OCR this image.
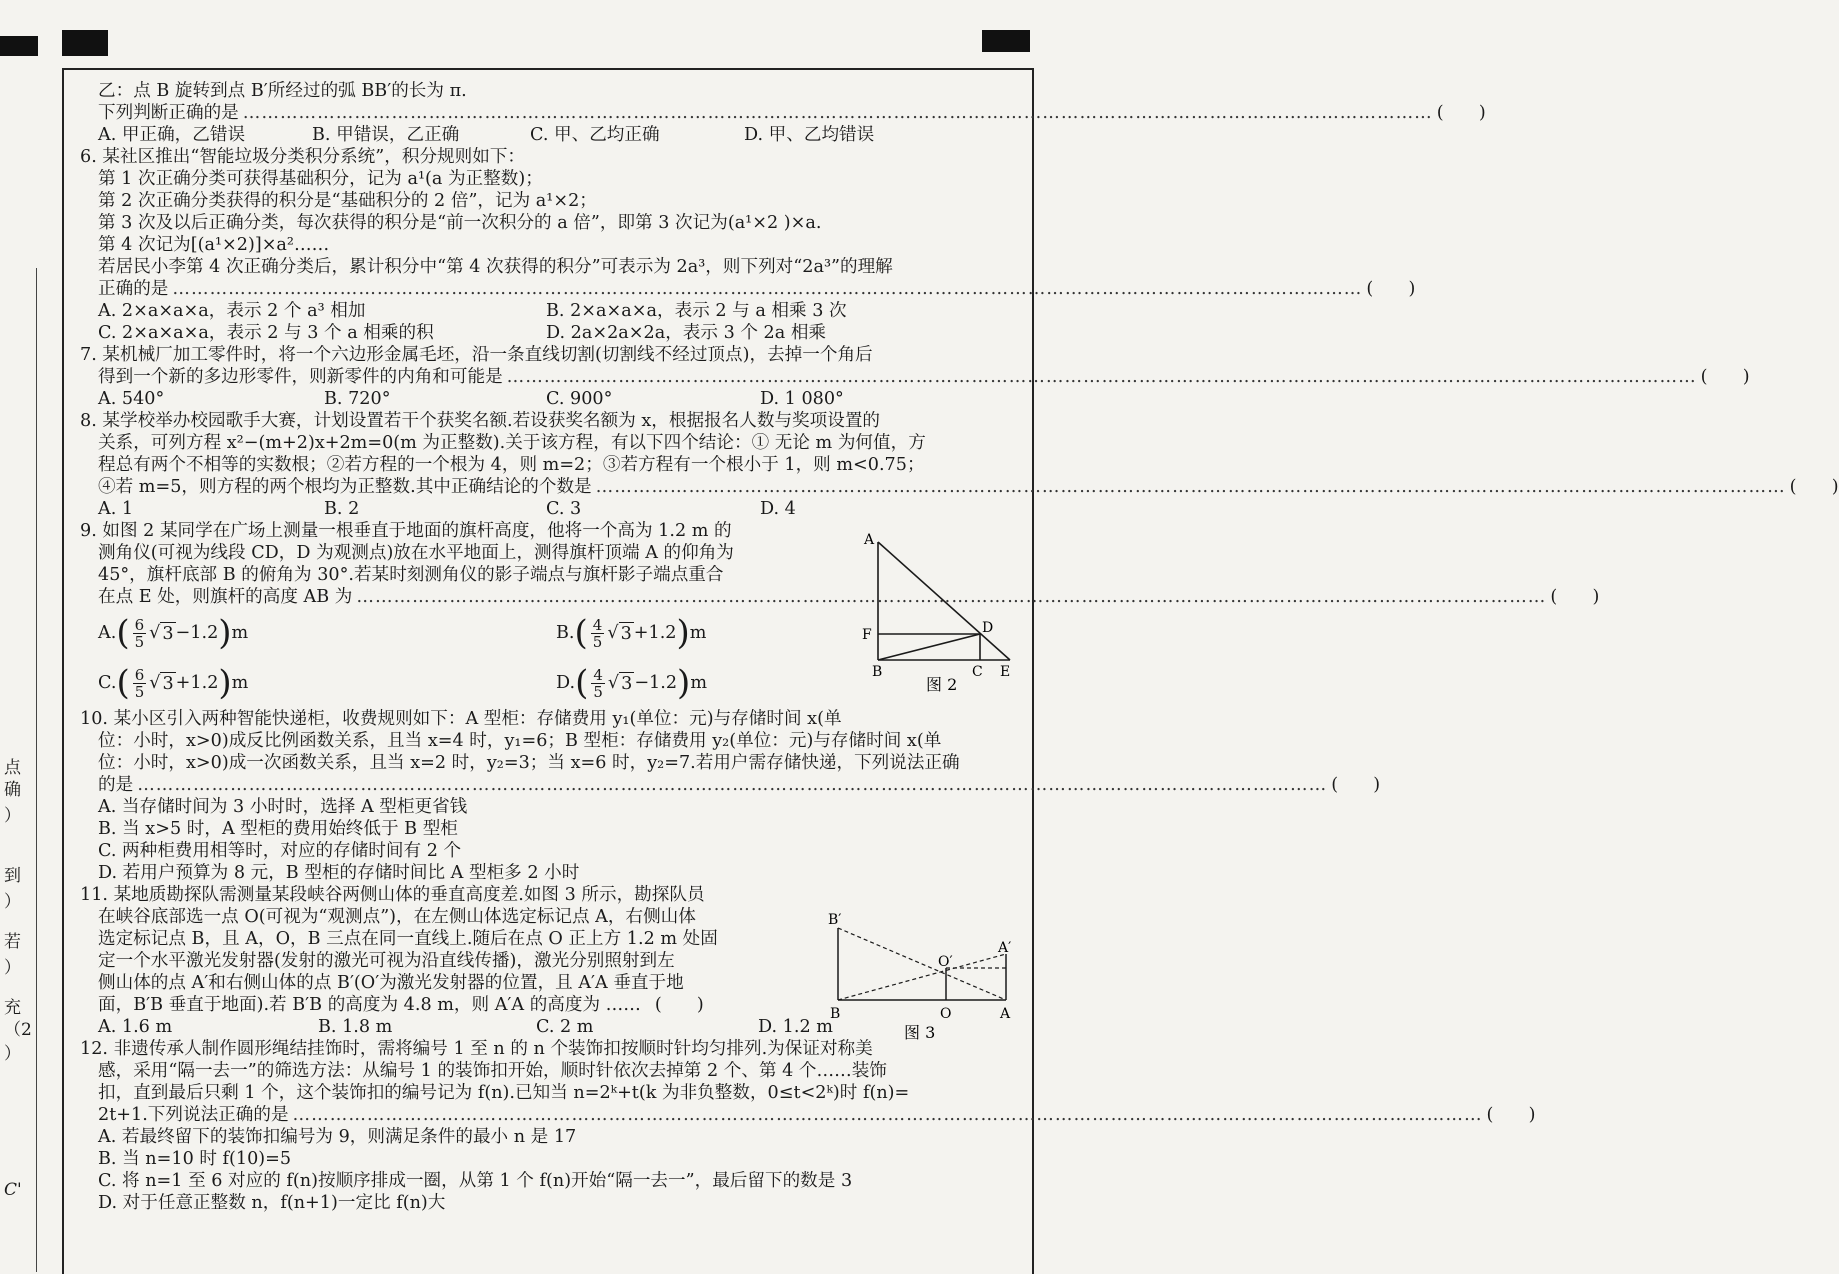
点
确
）
到
）
若
）
充
（2
）
C'
乙：点 B 旋转到点 B′所经过的弧 BB′的长为 π.
下列判断正确的是 ………………………………………………………………………………………………………………………………………………………………………… (　　)
A. 甲正确，乙错误	B. 甲错误，乙正确	C. 甲、乙均正确	D. 甲、乙均错误
6. 某社区推出“智能垃圾分类积分系统”，积分规则如下：
第 1 次正确分类可获得基础积分，记为 a¹(a 为正整数)；
第 2 次正确分类获得的积分是“基础积分的 2 倍”，记为 a¹×2；
第 3 次及以后正确分类，每次获得的积分是“前一次积分的 a 倍”，即第 3 次记为(a¹×2 )×a.
第 4 次记为[(a¹×2)]×a²……
若居民小李第 4 次正确分类后，累计积分中“第 4 次获得的积分”可表示为 2a³，则下列对“2a³”的理解
正确的是 ………………………………………………………………………………………………………………………………………………………………………… (　　)
A. 2×a×a×a，表示 2 个 a³ 相加	B. 2×a×a×a，表示 2 与 a 相乘 3 次
C. 2×a×a×a，表示 2 与 3 个 a 相乘的积	D. 2a×2a×2a，表示 3 个 2a 相乘
7. 某机械厂加工零件时，将一个六边形金属毛坯，沿一条直线切割(切割线不经过顶点)，去掉一个角后
得到一个新的多边形零件，则新零件的内角和可能是 ………………………………………………………………………………………………………………………………………………………………………… (　　)
A. 540°	B. 720°	C. 900°	D. 1 080°
8. 某学校举办校园歌手大赛，计划设置若干个获奖名额.若设获奖名额为 x，根据报名人数与奖项设置的
关系，可列方程 x²−(m+2)x+2m=0(m 为正整数).关于该方程，有以下四个结论：① 无论 m 为何值，方
程总有两个不相等的实数根；②若方程的一个根为 4，则 m=2；③若方程有一个根小于 1，则 m<0.75；
④若 m=5，则方程的两个根均为正整数.其中正确结论的个数是 ………………………………………………………………………………………………………………………………………………………………………… (　　)
A. 1	B. 2	C. 3	D. 4
9. 如图 2 某同学在广场上测量一根垂直于地面的旗杆高度，他将一个高为 1.2 m 的
测角仪(可视为线段 CD，D 为观测点)放在水平地面上，测得旗杆顶端 A 的仰角为
45°，旗杆底部 B 的俯角为 30°.若某时刻测角仪的影子端点与旗杆影子端点重合
在点 E 处，则旗杆的高度 AB 为 ………………………………………………………………………………………………………………………………………………………………………… (　　)
A. ( $\frac{6}{5}$ √ 3 −1.2 ) m	B. ( $\frac{4}{5}$ √ 3 +1.2 ) m
C. ( $\frac{6}{5}$ √ 3 +1.2 ) m	D. ( $\frac{4}{5}$ √ 3 −1.2 ) m
10. 某小区引入两种智能快递柜，收费规则如下：A 型柜：存储费用 y₁(单位：元)与存储时间 x(单
位：小时，x>0)成反比例函数关系，且当 x=4 时，y₁=6；B 型柜：存储费用 y₂(单位：元)与存储时间 x(单
位：小时，x>0)成一次函数关系，且当 x=2 时，y₂=3；当 x=6 时，y₂=7.若用户需存储快递，下列说法正确
的是 ………………………………………………………………………………………………………………………………………………………………………… (　　)
A. 当存储时间为 3 小时时，选择 A 型柜更省钱
B. 当 x>5 时，A 型柜的费用始终低于 B 型柜
C. 两种柜费用相等时，对应的存储时间有 2 个
D. 若用户预算为 8 元，B 型柜的存储时间比 A 型柜多 2 小时
11. 某地质勘探队需测量某段峡谷两侧山体的垂直高度差.如图 3 所示，勘探队员
在峡谷底部选一点 O(可视为“观测点”)，在左侧山体选定标记点 A，右侧山体
选定标记点 B，且 A，O，B 三点在同一直线上.随后在点 O 正上方 1.2 m 处固
定一个水平激光发射器(发射的激光可视为沿直线传播)，激光分别照射到左
侧山体的点 A′和右侧山体的点 B′(O′为激光发射器的位置，且 A′A 垂直于地
面，B′B 垂直于地面).若 B′B 的高度为 4.8 m，则 A′A 的高度为 …… (　　)
A. 1.6 m	B. 1.8 m	C. 2 m	D. 1.2 m
12. 非遗传承人制作圆形绳结挂饰时，需将编号 1 至 n 的 n 个装饰扣按顺时针均匀排列.为保证对称美
感，采用“隔一去一”的筛选方法：从编号 1 的装饰扣开始，顺时针依次去掉第 2 个、第 4 个……装饰
扣，直到最后只剩 1 个，这个装饰扣的编号记为 f(n).已知当 n=2ᵏ+t(k 为非负整数，0≤t<2ᵏ)时 f(n)=
2t+1.下列说法正确的是 ………………………………………………………………………………………………………………………………………………………………………… (　　)
A. 若最终留下的装饰扣编号为 9，则满足条件的最小 n 是 17
B. 当 n=10 时 f(10)=5
C. 将 n=1 至 6 对应的 f(n)按顺序排成一圈，从第 1 个 f(n)开始“隔一去一”，最后留下的数是 3
D. 对于任意正整数 n，f(n+1)一定比 f(n)大
A
F	D
B	C E
图 2
B′
A′
O′
B	O	A
图 3
